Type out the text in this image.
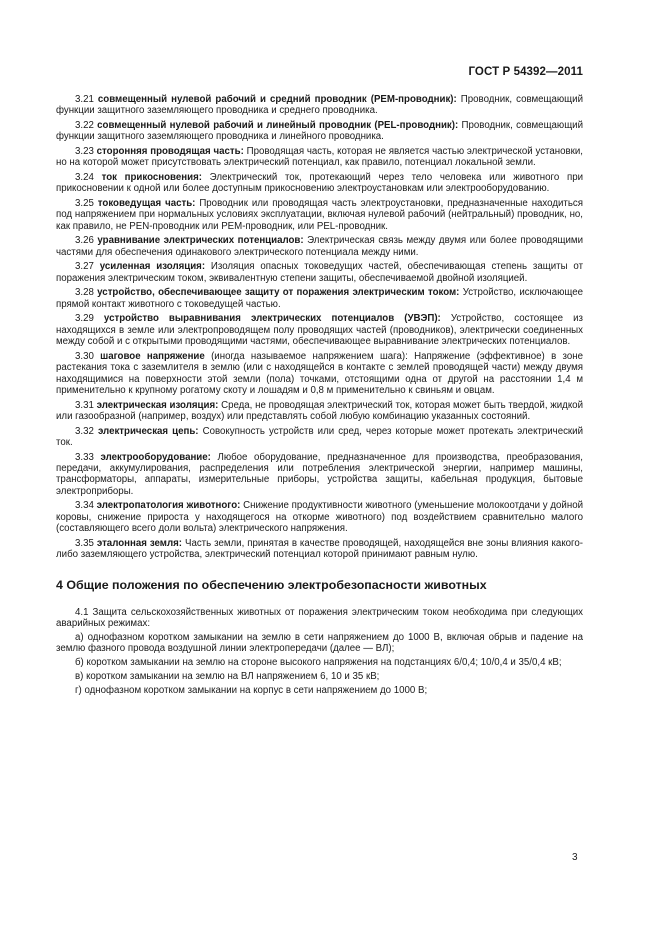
ГОСТ Р 54392—2011

3.21 совмещенный нулевой рабочий и средний проводник (РЕМ-проводник): Проводник, совмещающий функции защитного заземляющего проводника и среднего проводника.

3.22 совмещенный нулевой рабочий и линейный проводник (PEL-проводник): Проводник, совмещающий функции защитного заземляющего проводника и линейного проводника.

3.23 сторонняя проводящая часть: Проводящая часть, которая не является частью электрической установки, но на которой может присутствовать электрический потенциал, как правило, потенциал локальной земли.

3.24 ток прикосновения: Электрический ток, протекающий через тело человека или животного при прикосновении к одной или более доступным прикосновению электроустановкам или электрооборудованию.

3.25 токоведущая часть: Проводник или проводящая часть электроустановки, предназначенные находиться под напряжением при нормальных условиях эксплуатации, включая нулевой рабочий (нейтральный) проводник, но, как правило, не PEN-проводник или РЕМ-проводник, или PEL-проводник.

3.26 уравнивание электрических потенциалов: Электрическая связь между двумя или более проводящими частями для обеспечения одинакового электрического потенциала между ними.

3.27 усиленная изоляция: Изоляция опасных токоведущих частей, обеспечивающая степень защиты от поражения электрическим током, эквивалентную степени защиты, обеспечиваемой двойной изоляцией.

3.28 устройство, обеспечивающее защиту от поражения электрическим током: Устройство, исключающее прямой контакт животного с токоведущей частью.

3.29 устройство выравнивания электрических потенциалов (УВЭП): Устройство, состоящее из находящихся в земле или электропроводящем полу проводящих частей (проводников), электрически соединенных между собой и с открытыми проводящими частями, обеспечивающее выравнивание электрических потенциалов.

3.30 шаговое напряжение (иногда называемое напряжением шага): Напряжение (эффективное) в зоне растекания тока с заземлителя в землю (или с находящейся в контакте с землей проводящей части) между двумя находящимися на поверхности этой земли (пола) точками, отстоящими одна от другой на расстоянии 1,4 м применительно к крупному рогатому скоту и лошадям и 0,8 м применительно к свиньям и овцам.

3.31 электрическая изоляция: Среда, не проводящая электрический ток, которая может быть твердой, жидкой или газообразной (например, воздух) или представлять собой любую комбинацию указанных состояний.

3.32 электрическая цепь: Совокупность устройств или сред, через которые может протекать электрический ток.

3.33 электрооборудование: Любое оборудование, предназначенное для производства, преобразования, передачи, аккумулирования, распределения или потребления электрической энергии, например машины, трансформаторы, аппараты, измерительные приборы, устройства защиты, кабельная продукция, бытовые электроприборы.

3.34 электропатология животного: Снижение продуктивности животного (уменьшение молокоотдачи у дойной коровы, снижение прироста у находящегося на откорме животного) под воздействием сравнительно малого (составляющего всего доли вольта) электрического напряжения.

3.35 эталонная земля: Часть земли, принятая в качестве проводящей, находящейся вне зоны влияния какого-либо заземляющего устройства, электрический потенциал которой принимают равным нулю.

4 Общие положения по обеспечению электробезопасности животных

4.1 Защита сельскохозяйственных животных от поражения электрическим током необходима при следующих аварийных режимах:

а) однофазном коротком замыкании на землю в сети напряжением до 1000 В, включая обрыв и падение на землю фазного провода воздушной линии электропередачи (далее — ВЛ);

б) коротком замыкании на землю на стороне высокого напряжения на подстанциях 6/0,4; 10/0,4 и 35/0,4 кВ;

в) коротком замыкании на землю на ВЛ напряжением 6, 10 и 35 кВ;

г) однофазном коротком замыкании на корпус в сети напряжением до 1000 В;

3
